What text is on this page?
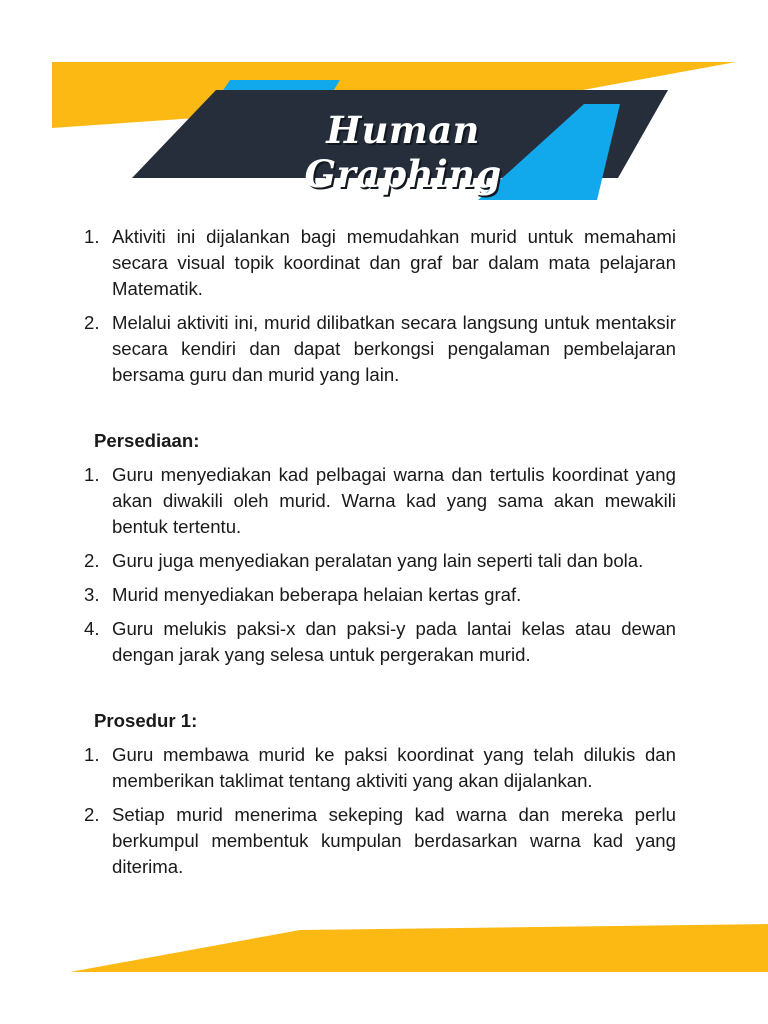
Human Graphing
1. Aktiviti ini dijalankan bagi memudahkan murid untuk memahami secara visual topik koordinat dan graf bar dalam mata pelajaran Matematik.
2. Melalui aktiviti ini, murid dilibatkan secara langsung untuk mentaksir secara kendiri dan dapat berkongsi pengalaman pembelajaran bersama guru dan murid yang lain.
Persediaan:
1. Guru menyediakan kad pelbagai warna dan tertulis koordinat yang akan diwakili oleh murid. Warna kad yang sama akan mewakili bentuk tertentu.
2. Guru juga menyediakan peralatan yang lain seperti tali dan bola.
3. Murid menyediakan beberapa helaian kertas graf.
4. Guru melukis paksi-x dan paksi-y pada lantai kelas atau dewan dengan jarak yang selesa untuk pergerakan murid.
Prosedur 1:
1. Guru membawa murid ke paksi koordinat yang telah dilukis dan memberikan taklimat tentang aktiviti yang akan dijalankan.
2. Setiap murid menerima sekeping kad warna dan mereka perlu berkumpul membentuk kumpulan berdasarkan warna kad yang diterima.
